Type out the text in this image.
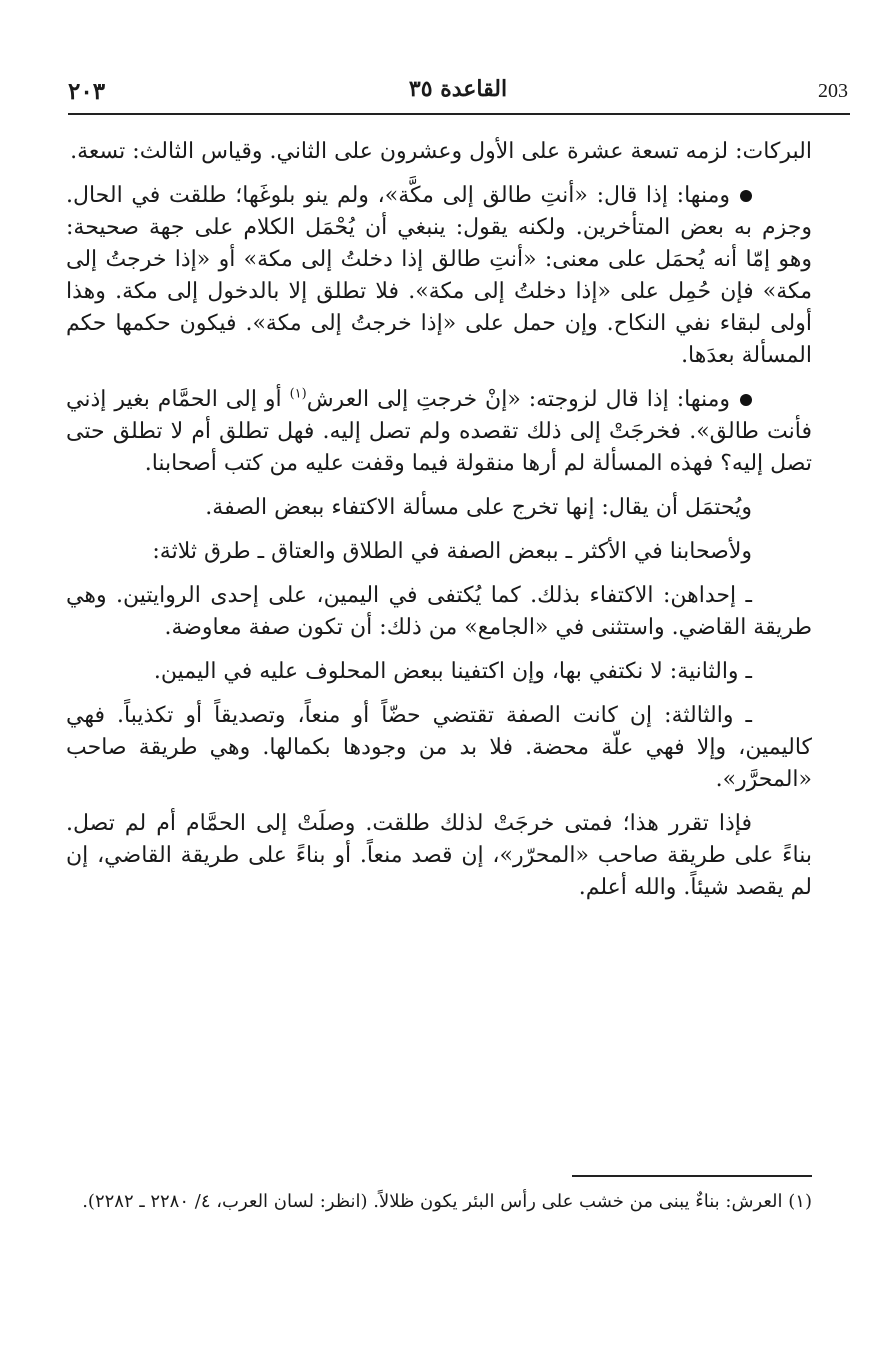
٢٠٣	القاعدة ٣٥	203

البركات: لزمه تسعة عشرة على الأول وعشرون على الثاني. وقياس الثالث: تسعة.

ومنها: إذا قال: «أنتِ طالق إلى مكَّة»، ولم ينو بلوغَها؛ طلقت في الحال. وجزم به بعض المتأخرين. ولكنه يقول: ينبغي أن يُحْمَل الكلام على جهة صحيحة: وهو إمّا أنه يُحمَل على معنى: «أنتِ طالق إذا دخلتُ إلى مكة» أو «إذا خرجتُ إلى مكة» فإن حُمِل على «إذا دخلتُ إلى مكة». فلا تطلق إلا بالدخول إلى مكة. وهذا أولى لبقاء نفي النكاح. وإن حمل على «إذا خرجتُ إلى مكة». فيكون حكمها حكم المسألة بعدَها.

ومنها: إذا قال لزوجته: «إنْ خرجتِ إلى العرش$^{(١)}$ أو إلى الحمَّام بغير إذني فأنت طالق». فخرجَتْ إلى ذلك تقصده ولم تصل إليه. فهل تطلق أم لا تطلق حتى تصل إليه؟ فهذه المسألة لم أرها منقولة فيما وقفت عليه من كتب أصحابنا.

ويُحتمَل أن يقال: إنها تخرج على مسألة الاكتفاء ببعض الصفة.

ولأصحابنا في الأكثر ـ ببعض الصفة في الطلاق والعتاق ـ طرق ثلاثة:

ـ إحداهن: الاكتفاء بذلك. كما يُكتفى في اليمين، على إحدى الروايتين. وهي طريقة القاضي. واستثنى في «الجامع» من ذلك: أن تكون صفة معاوضة.

ـ والثانية: لا نكتفي بها، وإن اكتفينا ببعض المحلوف عليه في اليمين.

ـ والثالثة: إن كانت الصفة تقتضي حضّاً أو منعاً، وتصديقاً أو تكذيباً. فهي كاليمين، وإلا فهي علّة محضة. فلا بد من وجودها بكمالها. وهي طريقة صاحب «المحرَّر».

فإذا تقرر هذا؛ فمتى خرجَتْ لذلك طلقت. وصلَتْ إلى الحمَّام أم لم تصل. بناءً على طريقة صاحب «المحرّر»، إن قصد منعاً. أو بناءً على طريقة القاضي، إن لم يقصد شيئاً. والله أعلم.

(١) العرش: بناءٌ يبنى من خشب على رأس البئر يكون ظلالاً. (انظر: لسان العرب، ٤/ ٢٢٨٠ ـ ٢٢٨٢).
